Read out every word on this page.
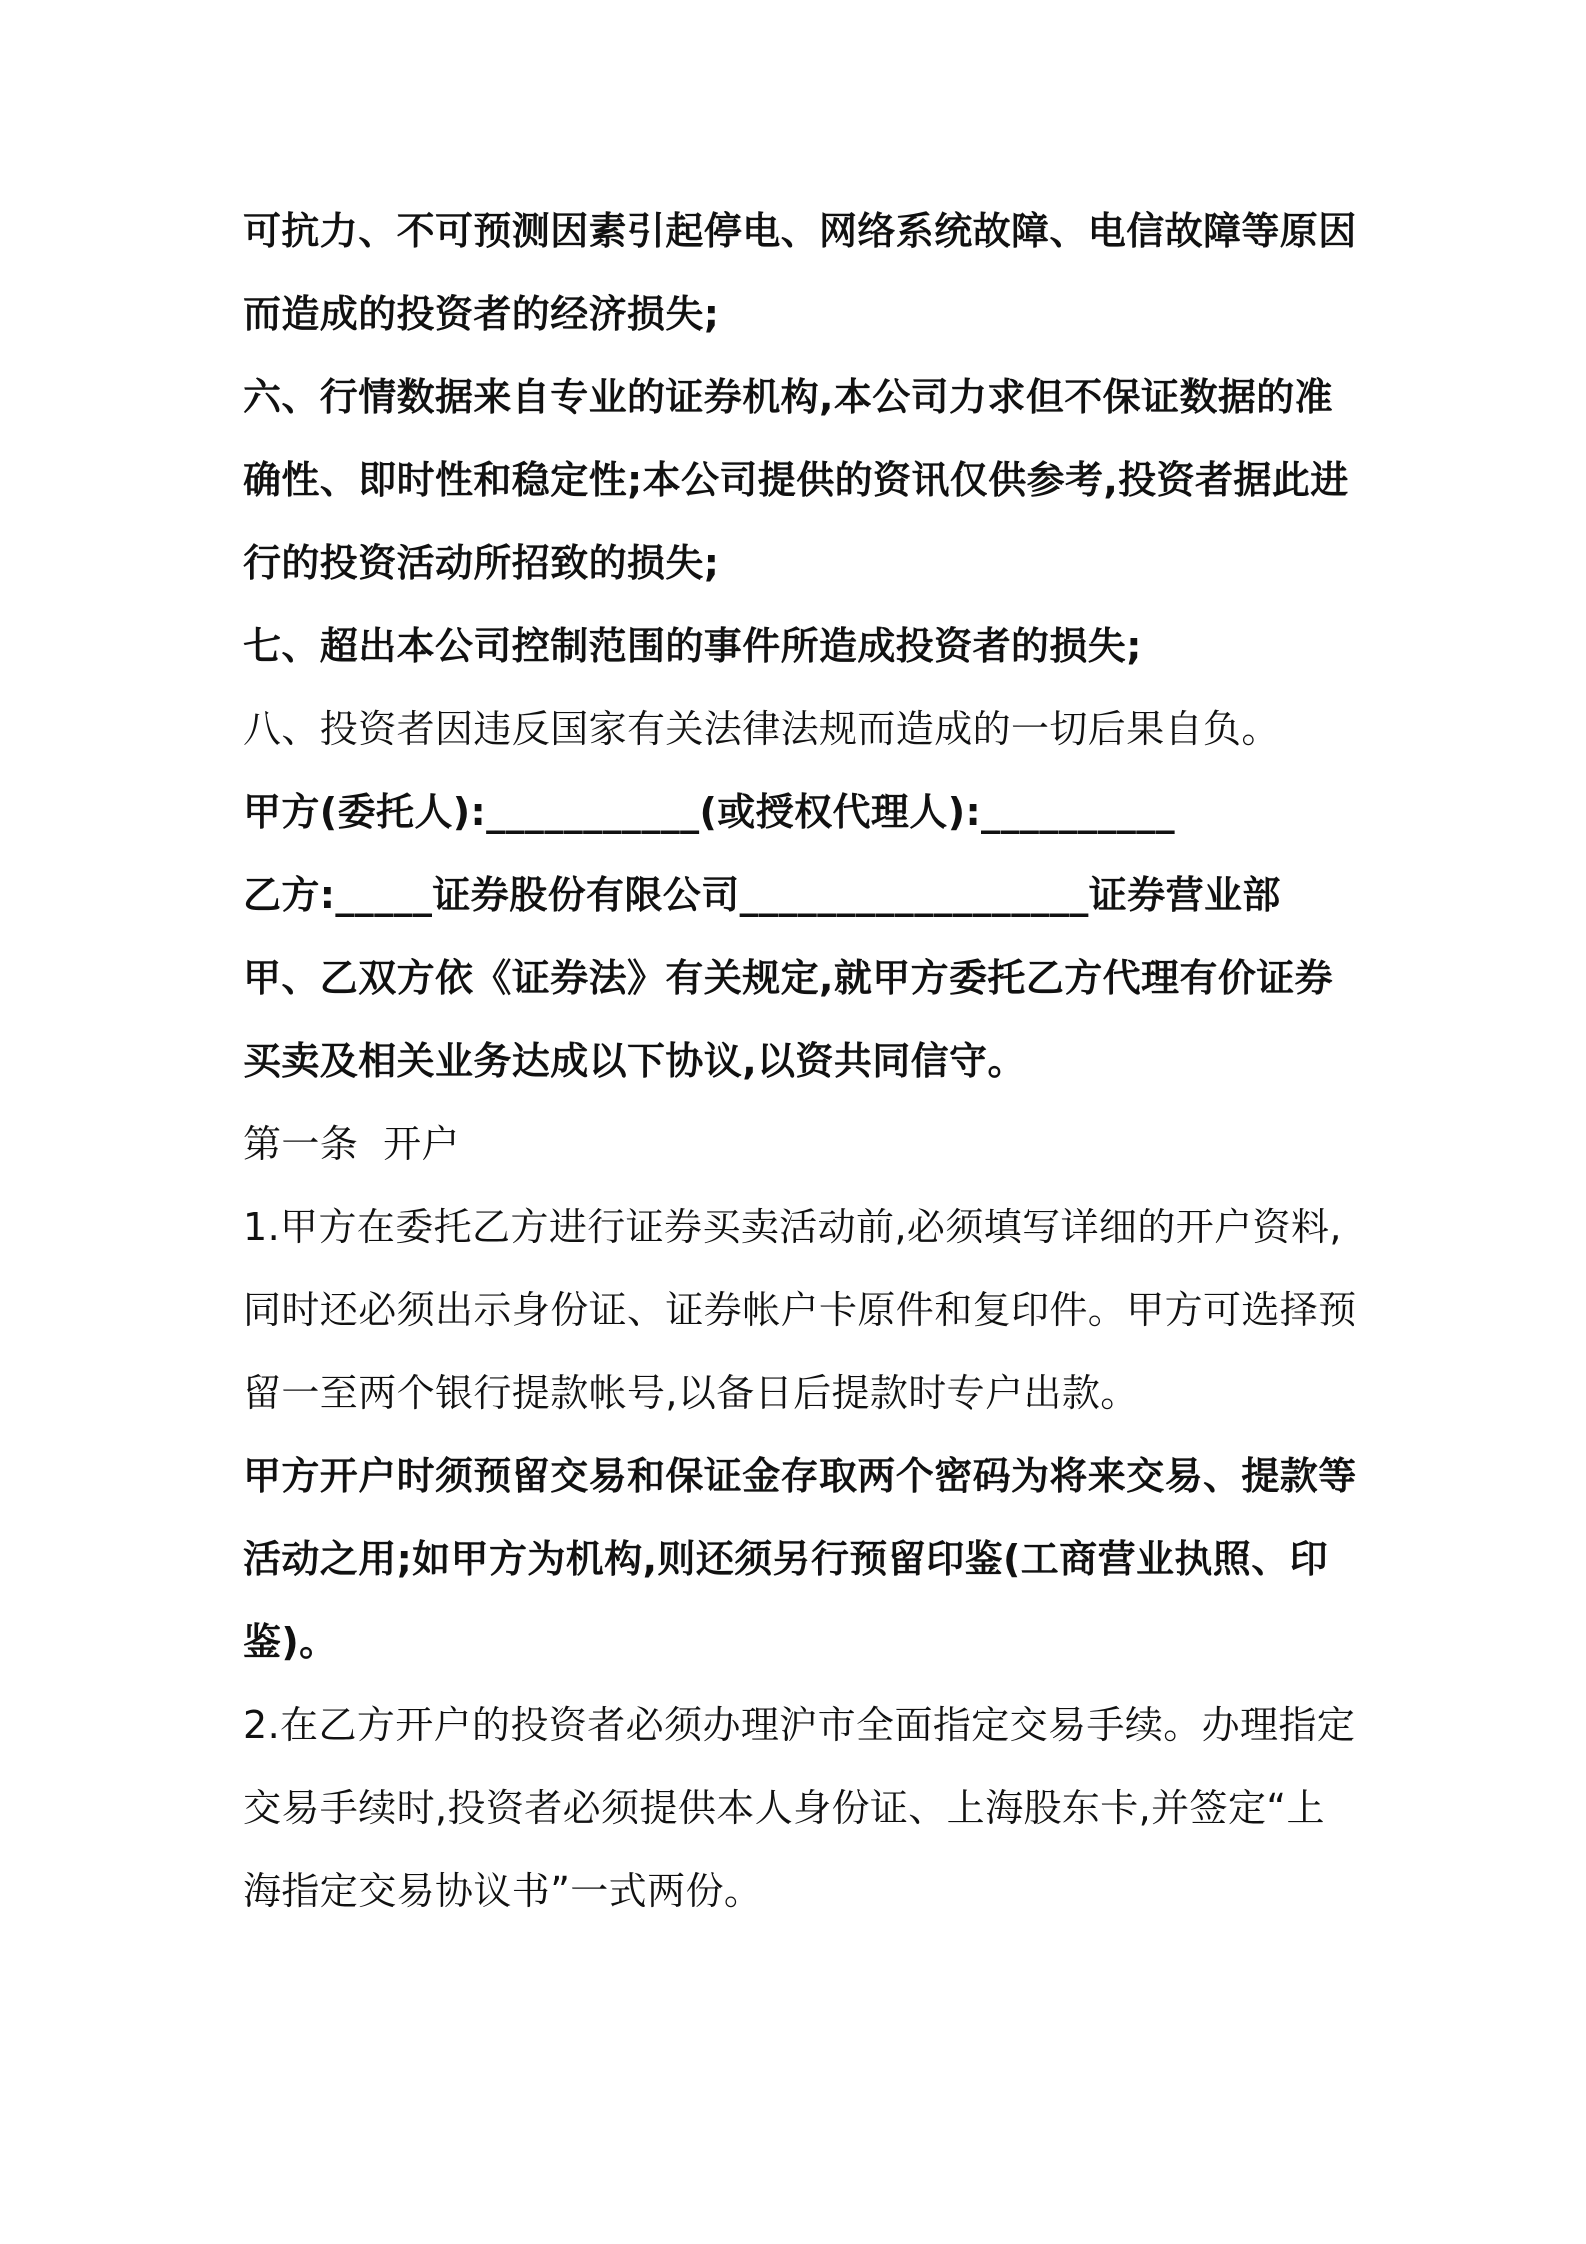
可抗力、不可预测因素引起停电、网络系统故障、电信故障等原因而造成的投资者的经济损失;

六、行情数据来自专业的证券机构,本公司力求但不保证数据的准确性、即时性和稳定性;本公司提供的资讯仅供参考,投资者据此进行的投资活动所招致的损失;

七、超出本公司控制范围的事件所造成投资者的损失;

八、投资者因违反国家有关法律法规而造成的一切后果自负。

甲方(委托人):___________(或授权代理人):__________

乙方:_____证券股份有限公司__________________证券营业部

甲、乙双方依《证券法》有关规定,就甲方委托乙方代理有价证券买卖及相关业务达成以下协议,以资共同信守。

第一条  开户

1.甲方在委托乙方进行证券买卖活动前,必须填写详细的开户资料,同时还必须出示身份证、证券帐户卡原件和复印件。甲方可选择预留一至两个银行提款帐号,以备日后提款时专户出款。

甲方开户时须预留交易和保证金存取两个密码为将来交易、提款等活动之用;如甲方为机构,则还须另行预留印鉴(工商营业执照、印鉴)。

2.在乙方开户的投资者必须办理沪市全面指定交易手续。办理指定交易手续时,投资者必须提供本人身份证、上海股东卡,并签定“上海指定交易协议书”一式两份。
